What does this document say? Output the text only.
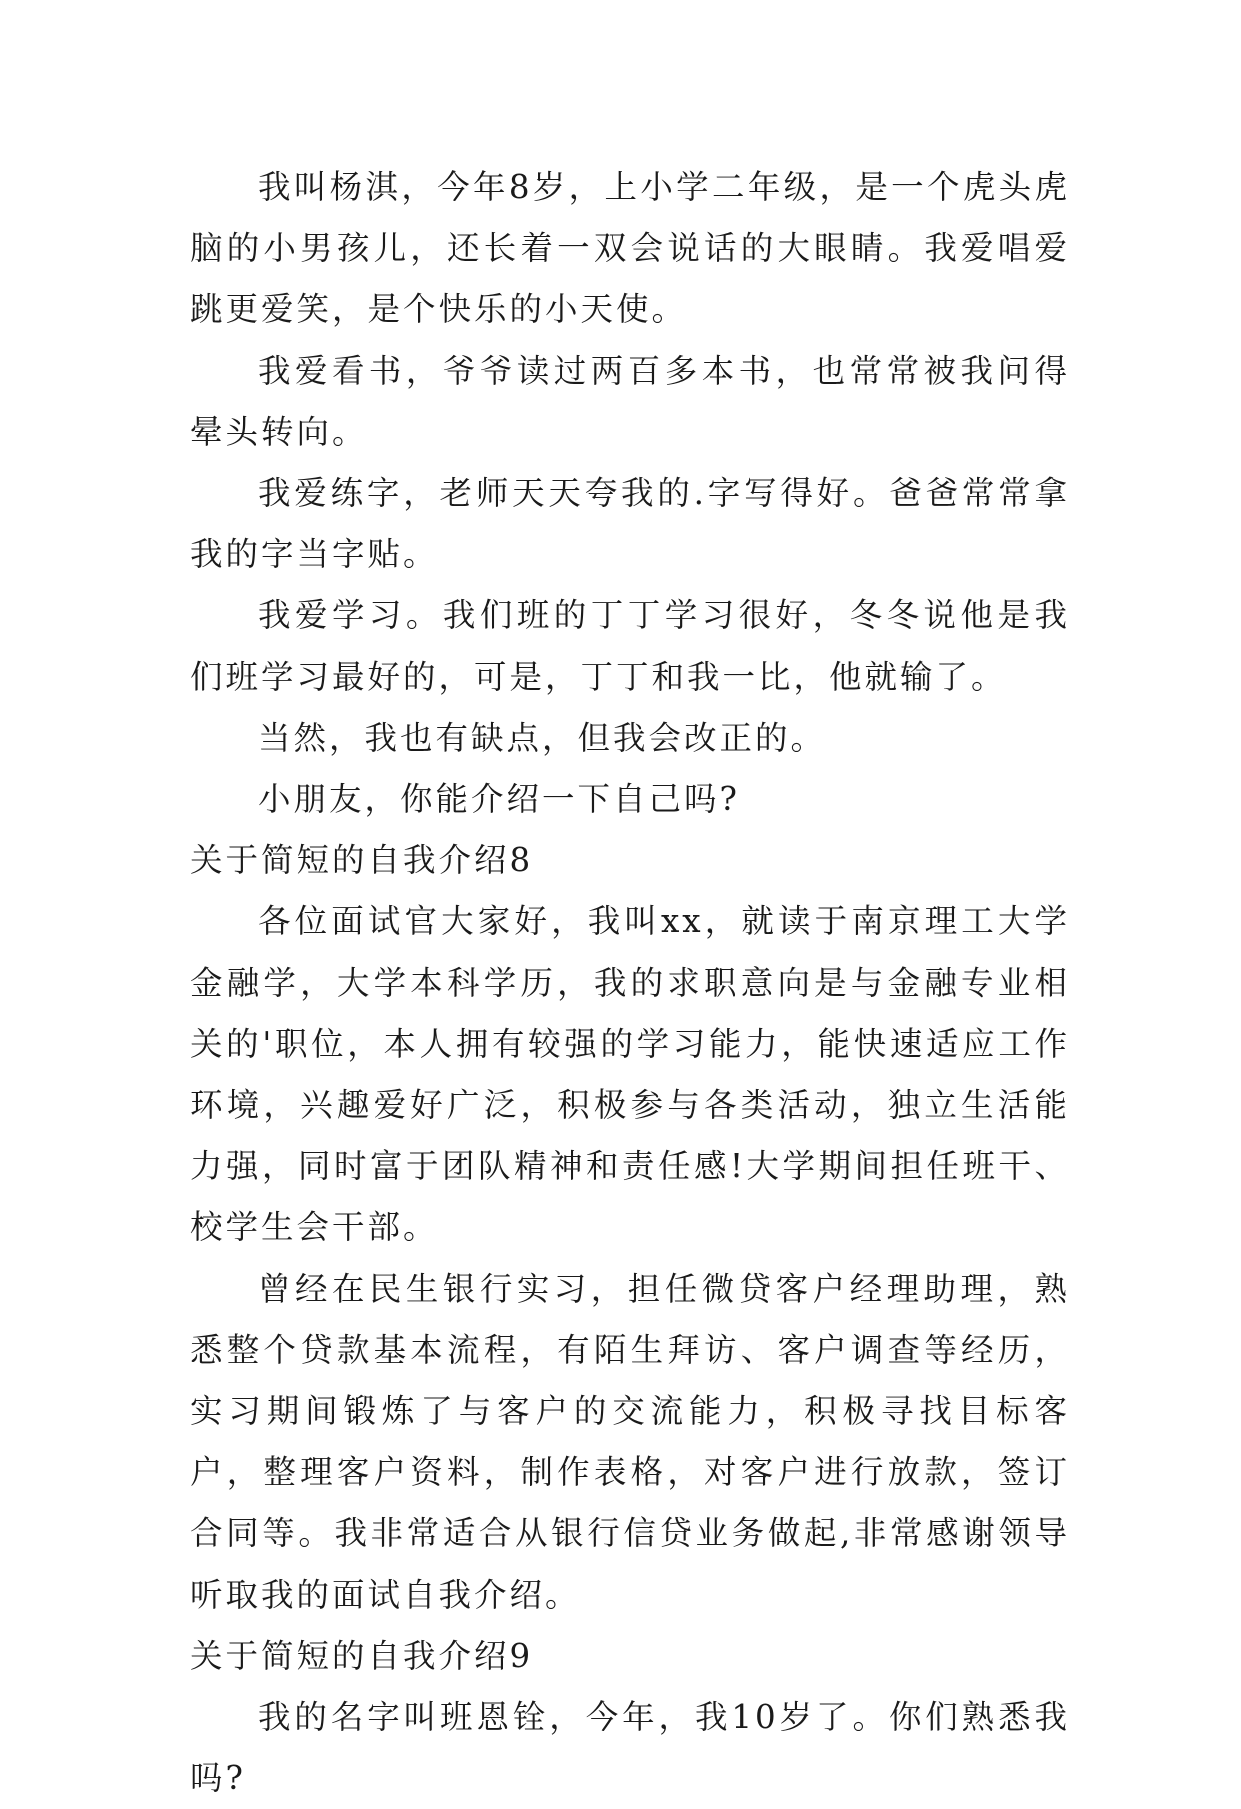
我叫杨淇，今年8岁，上小学二年级，是一个虎头虎脑的小男孩儿，还长着一双会说话的大眼睛。我爱唱爱跳更爱笑，是个快乐的小天使。

我爱看书，爷爷读过两百多本书，也常常被我问得晕头转向。

我爱练字，老师天天夸我的.字写得好。爸爸常常拿我的字当字贴。

我爱学习。我们班的丁丁学习很好，冬冬说他是我们班学习最好的，可是，丁丁和我一比，他就输了。

当然，我也有缺点，但我会改正的。

小朋友，你能介绍一下自己吗?

关于简短的自我介绍8

各位面试官大家好，我叫xx，就读于南京理工大学金融学，大学本科学历，我的求职意向是与金融专业相关的'职位，本人拥有较强的学习能力，能快速适应工作环境，兴趣爱好广泛，积极参与各类活动，独立生活能力强，同时富于团队精神和责任感!大学期间担任班干、校学生会干部。

曾经在民生银行实习，担任微贷客户经理助理，熟悉整个贷款基本流程，有陌生拜访、客户调查等经历，实习期间锻炼了与客户的交流能力，积极寻找目标客户，整理客户资料，制作表格，对客户进行放款，签订合同等。我非常适合从银行信贷业务做起,非常感谢领导听取我的面试自我介绍。

关于简短的自我介绍9

我的名字叫班恩铨，今年，我10岁了。你们熟悉我吗?
